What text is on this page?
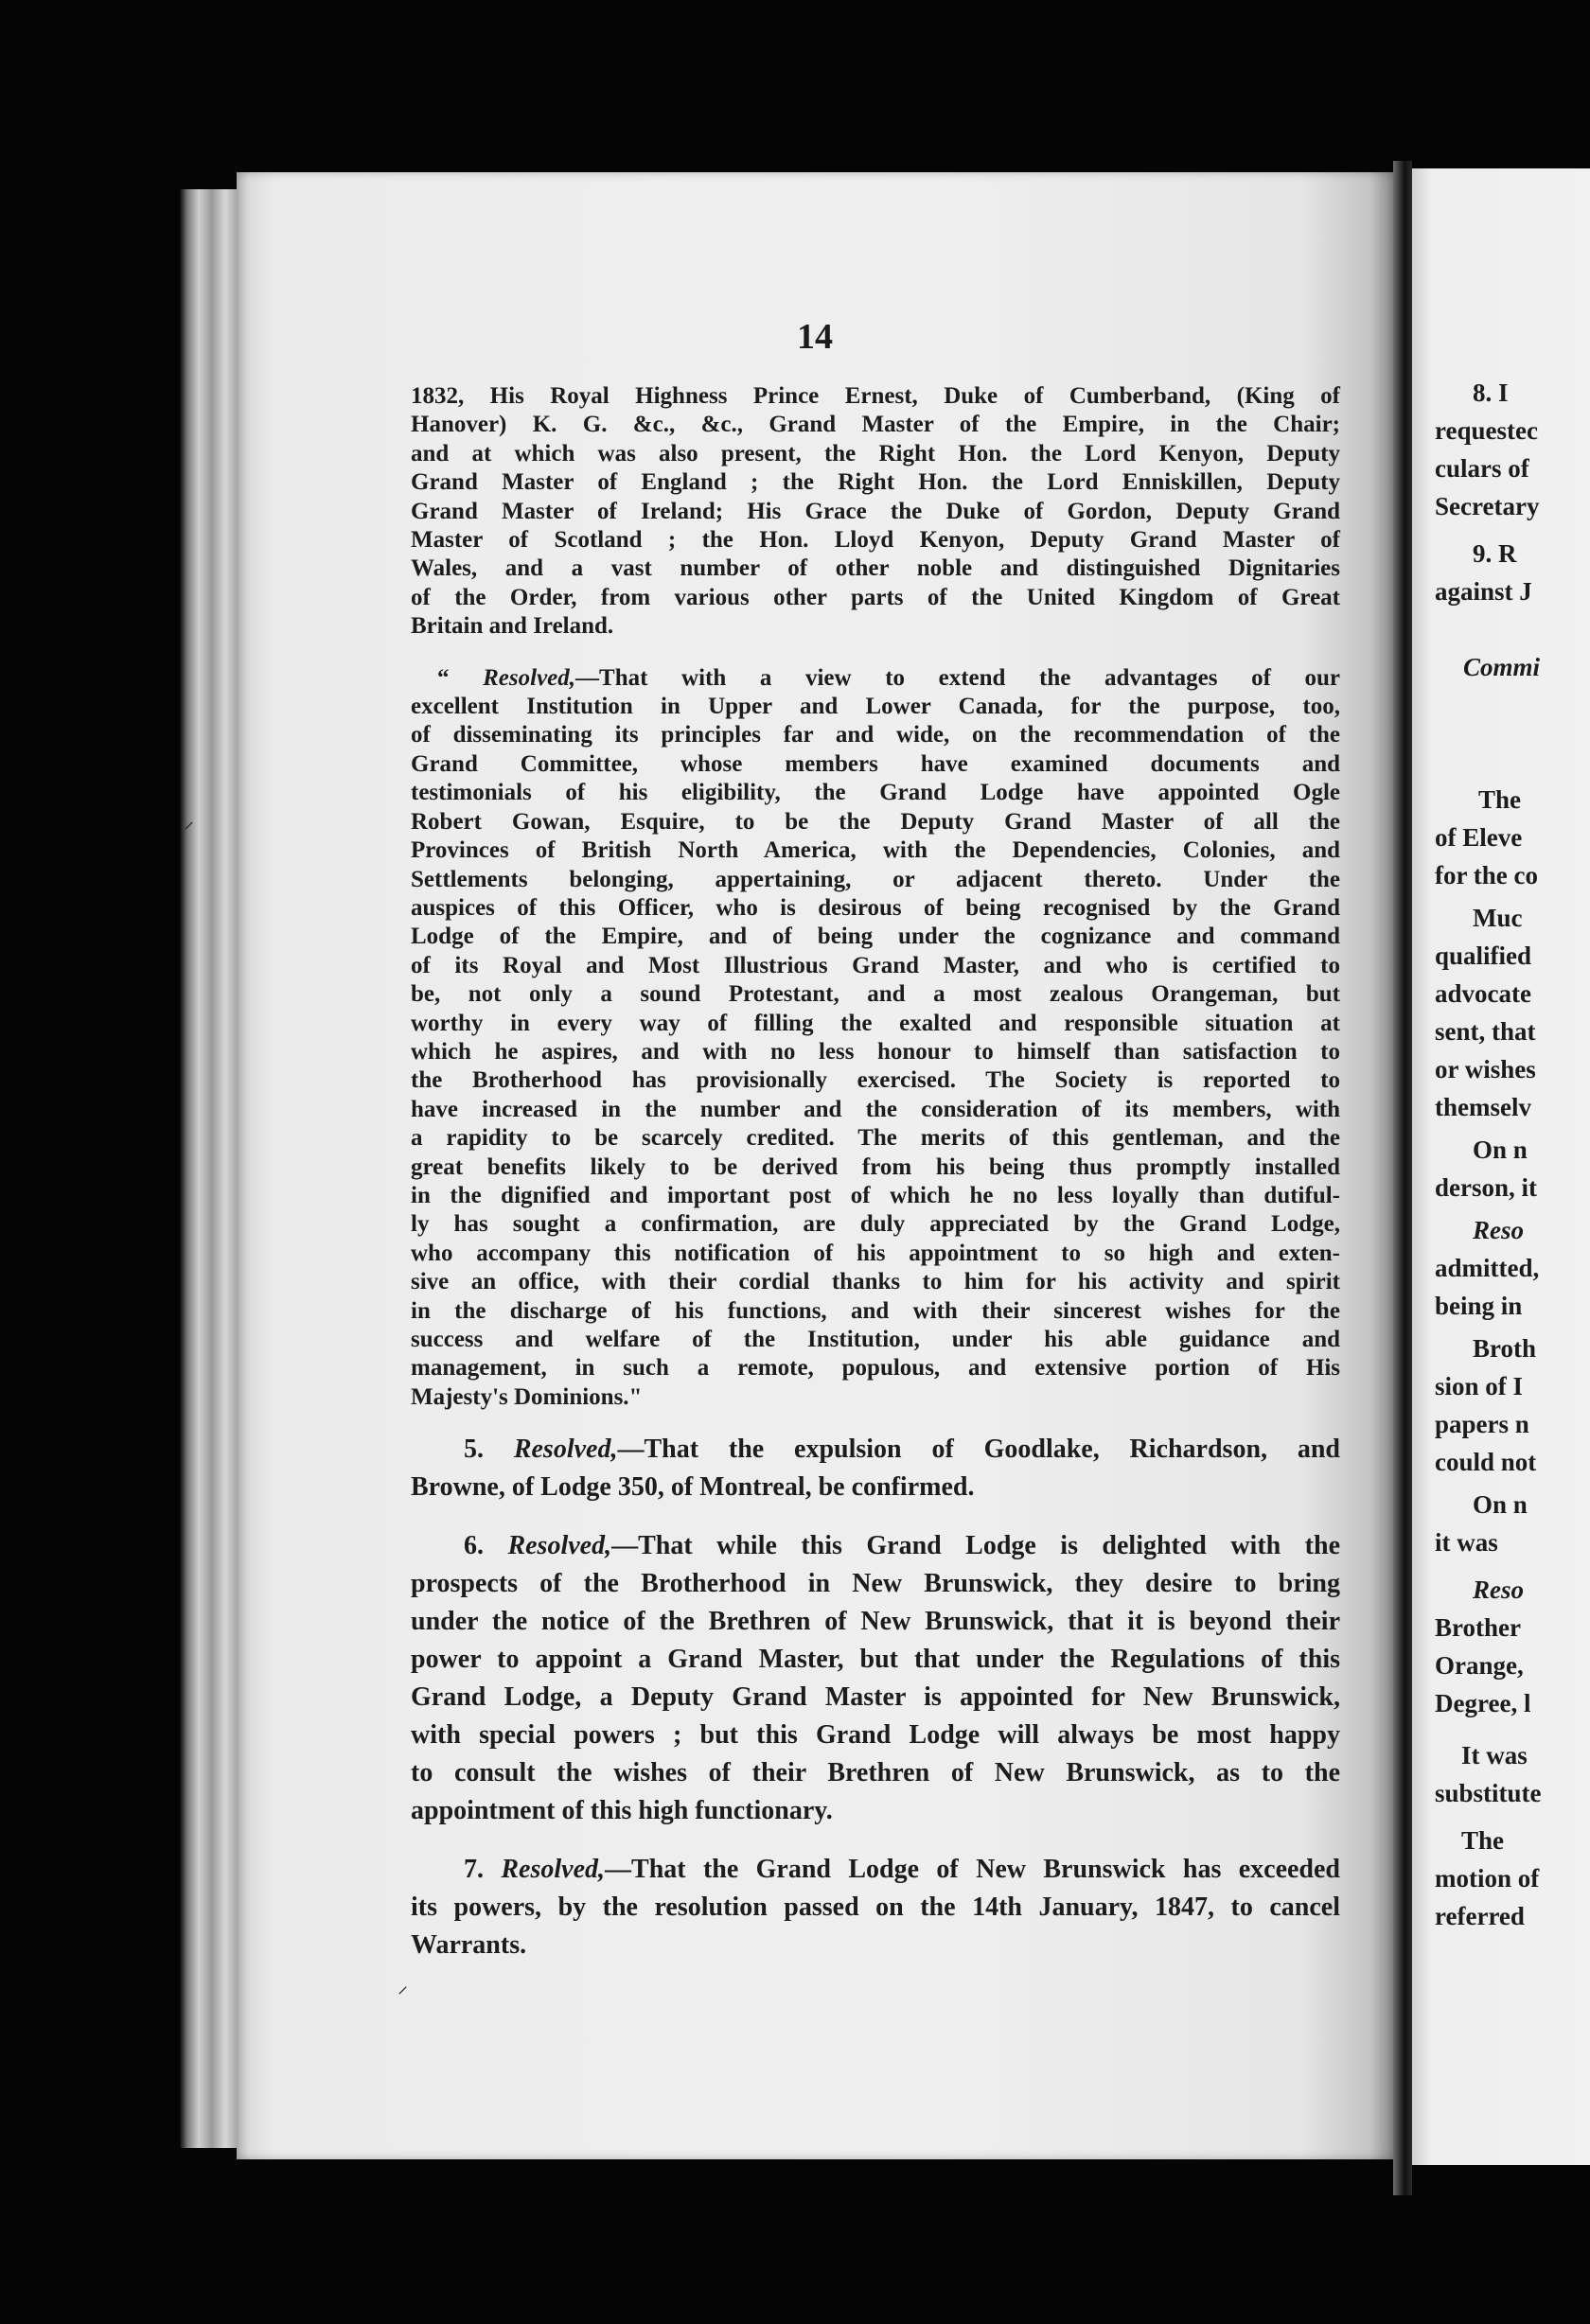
14

1832, His Royal Highness Prince Ernest, Duke of Cumberband, (King of
Hanover) K. G. &c., &c., Grand Master of the Empire, in the Chair;
and at which was also present, the Right Hon. the Lord Kenyon, Deputy
Grand Master of England ; the Right Hon. the Lord Enniskillen, Deputy
Grand Master of Ireland; His Grace the Duke of Gordon, Deputy Grand
Master of Scotland ; the Hon. Lloyd Kenyon, Deputy Grand Master of
Wales, and a vast number of other noble and distinguished Dignitaries
of the Order, from various other parts of the United Kingdom of Great
Britain and Ireland.

“ Resolved,—That with a view to extend the advantages of our
excellent Institution in Upper and Lower Canada, for the purpose, too,
of disseminating its principles far and wide, on the recommendation of the
Grand Committee, whose members have examined documents and
testimonials of his eligibility, the Grand Lodge have appointed Ogle
Robert Gowan, Esquire, to be the Deputy Grand Master of all the
Provinces of British North America, with the Dependencies, Colonies, and
Settlements belonging, appertaining, or adjacent thereto. Under the
auspices of this Officer, who is desirous of being recognised by the Grand
Lodge of the Empire, and of being under the cognizance and command
of its Royal and Most Illustrious Grand Master, and who is certified to
be, not only a sound Protestant, and a most zealous Orangeman, but
worthy in every way of filling the exalted and responsible situation at
which he aspires, and with no less honour to himself than satisfaction to
the Brotherhood has provisionally exercised. The Society is reported to
have increased in the number and the consideration of its members, with
a rapidity to be scarcely credited. The merits of this gentleman, and the
great benefits likely to be derived from his being thus promptly installed
in the dignified and important post of which he no less loyally than dutiful-
ly has sought a confirmation, are duly appreciated by the Grand Lodge,
who accompany this notification of his appointment to so high and exten-
sive an office, with their cordial thanks to him for his activity and spirit
in the discharge of his functions, and with their sincerest wishes for the
success and welfare of the Institution, under his able guidance and
management, in such a remote, populous, and extensive portion of His
Majesty's Dominions."

5. Resolved,—That the expulsion of Goodlake, Richardson, and
Browne, of Lodge 350, of Montreal, be confirmed.

6. Resolved,—That while this Grand Lodge is delighted with the
prospects of the Brotherhood in New Brunswick, they desire to bring
under the notice of the Brethren of New Brunswick, that it is beyond their
power to appoint a Grand Master, but that under the Regulations of this
Grand Lodge, a Deputy Grand Master is appointed for New Brunswick,
with special powers ; but this Grand Lodge will always be most happy
to consult the wishes of their Brethren of New Brunswick, as to the
appointment of this high functionary.

7. Resolved,—That the Grand Lodge of New Brunswick has exceeded
its powers, by the resolution passed on the 14th January, 1847, to cancel
Warrants.

⸝
⸍
8. I
requestec
culars of
Secretary
9. R
against J
Commi
The
of Eleve
for the co
Muc
qualified
advocate
sent, that
or wishes
themselv
On n
derson, it
Reso
admitted,
being in
Broth
sion of I
papers n
could not
On n
it was
Reso
Brother
Orange,
Degree, l
It was
substitute
The
motion of
referred
